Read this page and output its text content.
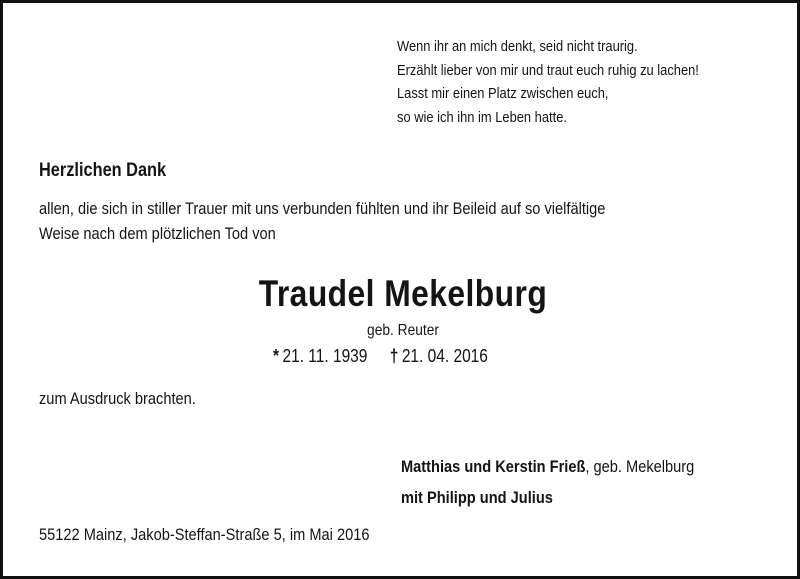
Wenn ihr an mich denkt, seid nicht traurig.
Erzählt lieber von mir und traut euch ruhig zu lachen!
Lasst mir einen Platz zwischen euch,
so wie ich ihn im Leben hatte.
Herzlichen Dank
allen, die sich in stiller Trauer mit uns verbunden fühlten und ihr Beileid auf so vielfältige
Weise nach dem plötzlichen Tod von
Traudel Mekelburg
geb. Reuter
* 21. 11. 1939 † 21. 04. 2016
zum Ausdruck brachten.
Matthias und Kerstin Frieß, geb. Mekelburg
mit Philipp und Julius
55122 Mainz, Jakob-Steffan-Straße 5, im Mai 2016
